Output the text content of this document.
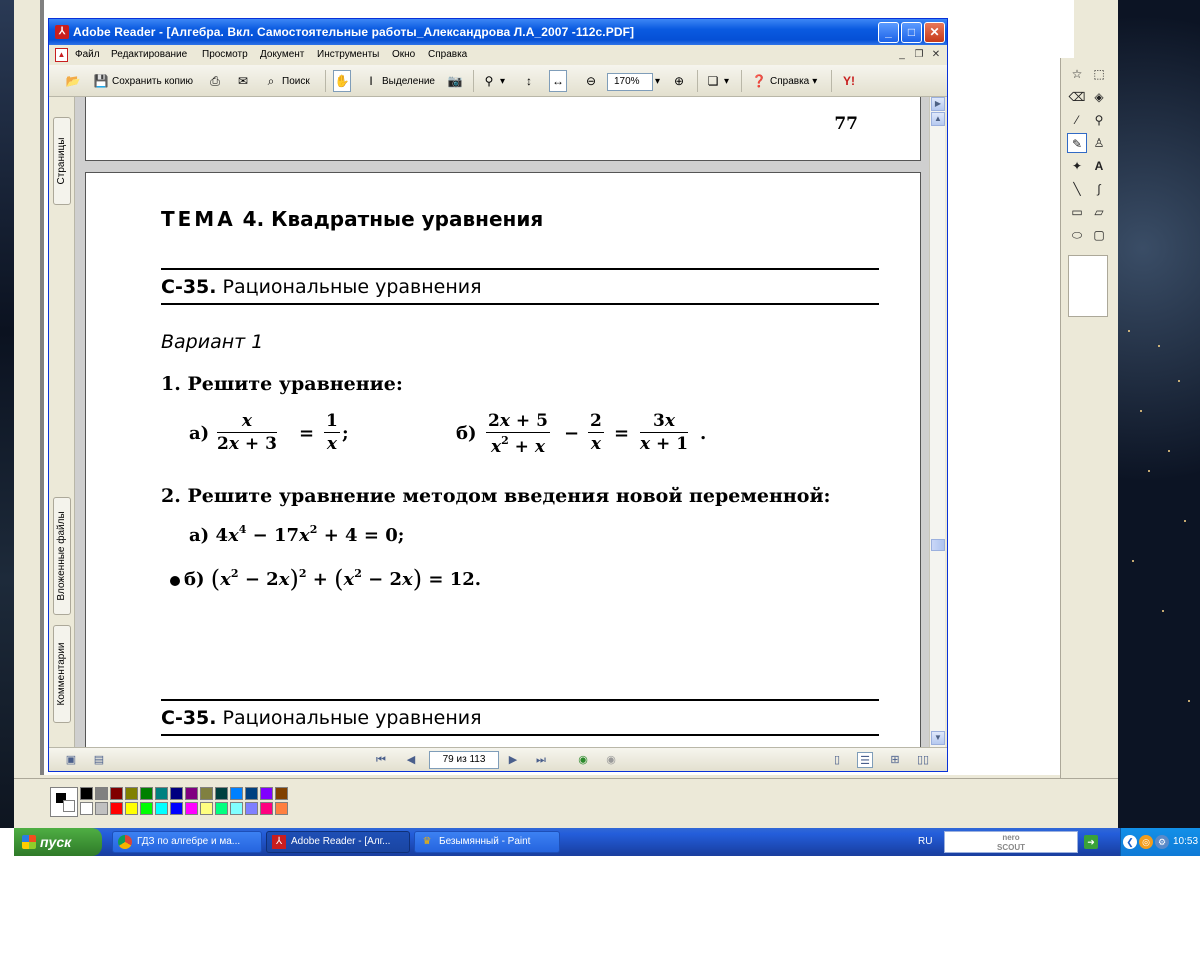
☆ ⬚
⌫ ◈
⁄	⚲
✎ ♙
✦	A
╲	∫
▭ ▱
⬭ ▢
⅄ Adobe Reader - [Алгебра. Вкл. Самостоятельные работы_Александрова Л.А_2007 -112с.PDF]	_	□	✕
▲ Файл Редактирование Просмотр Документ Инструменты Окно Справка	_ ❐ ✕
📂 💾 Сохранить копию ⎙ ✉	⌕ Поиск ✋	I Выделение 📷 ⚲ ▾	↕	↔ ⊖	170%	▾ ⊕ ❏ ▾ ❓ Справка ▾ Y!
Страницы
Вложенные файлы
Комментарии
77
ТЕМА 4. Квадратные уравнения
С-35. Рациональные уравнения
Вариант 1
1. Решите уравнение:
$а) \frac{x}{2x + 3} = \frac{1}{x}$ ;	$б) \frac{2x + 5}{x^2 + x} - \frac{2}{x} = \frac{3x}{x + 1}$ .
2. Решите уравнение методом введения новой переменной:
а) $4x^4 - 17x^2 + 4 = 0$;
б) $(x^2 - 2x)^2 + (x^2 - 2x) = 12$.
С-35. Рациональные уравнения
▶
▲
▼
▣ ▤	⏮	◀	79 из 113	▶	⏭	◉ ◉	▯	☰	⊞	▯▯
пуск	ГДЗ по алгебре и ма...	⅄ Adobe Reader - [Алг...	♛ Безымянный - Paint	RU	nero
SCOUT
➜	❮ ◎ ⚙ 10:53
